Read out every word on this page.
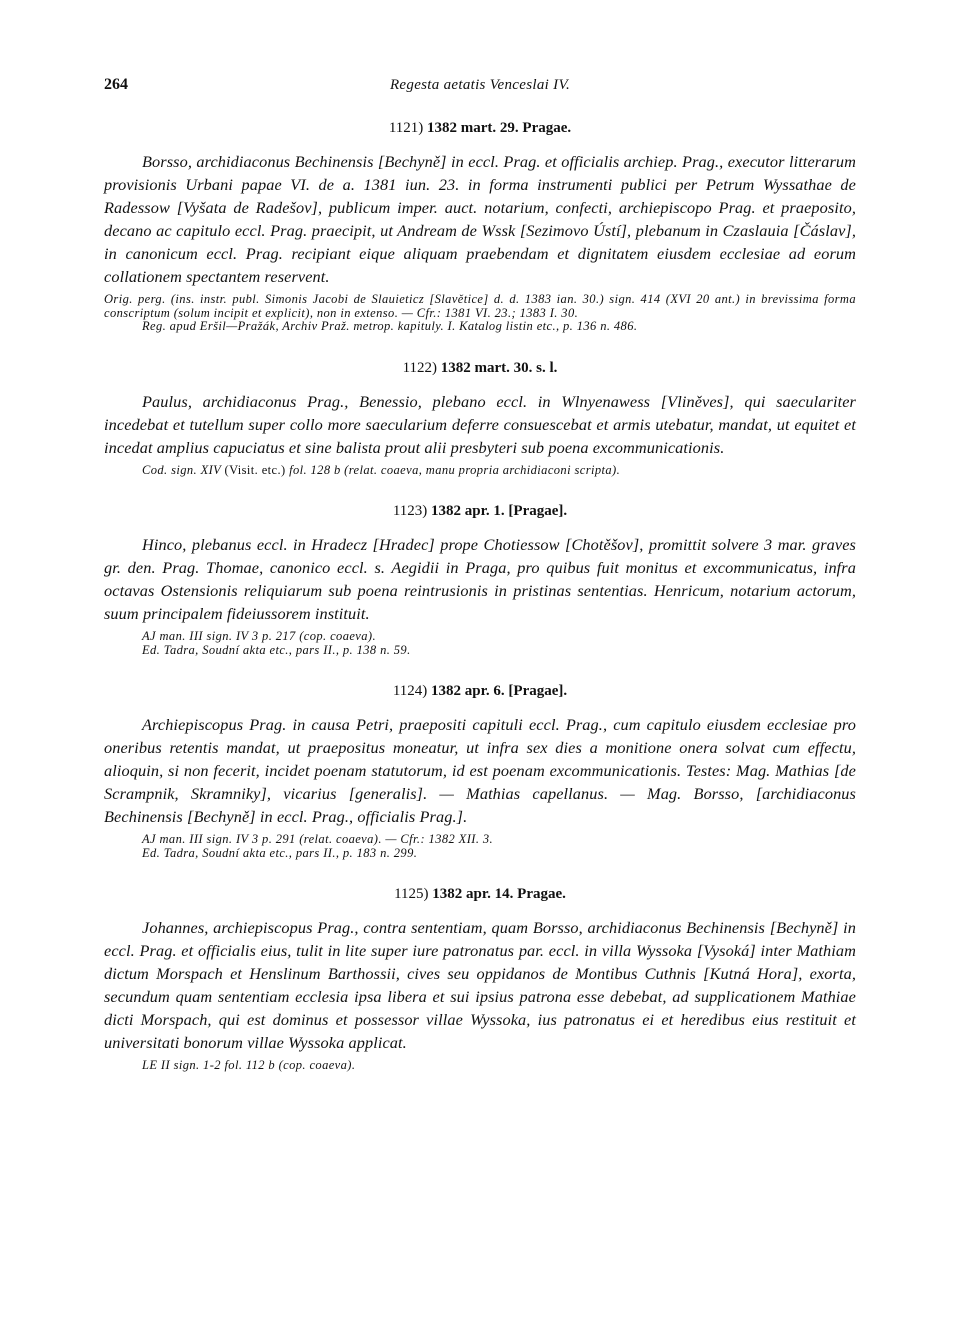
264	Regesta aetatis Venceslai IV.
1121) 1382 mart. 29. Pragae.

Borsso, archidiaconus Bechinensis [Bechyně] in eccl. Prag. et officialis archiep. Prag., executor litterarum provisionis Urbani papae VI. de a. 1381 iun. 23. in forma instrumenti publici per Petrum Wyssathae de Radessow [Vyšata de Radešov], publicum imper. auct. notarium, confecti, archiepiscopo Prag. et praeposito, decano ac capitulo eccl. Prag. praecipit, ut Andream de Wssk [Sezimovo Ústí], plebanum in Czaslauia [Čáslav], in canonicum eccl. Prag. recipiant eique aliquam praebendam et dignitatem eiusdem ecclesiae ad eorum collationem spectantem reservent.

Orig. perg. (ins. instr. publ. Simonis Jacobi de Slauieticz [Slavětice] d. d. 1383 ian. 30.) sign. 414 (XVI 20 ant.) in brevissima forma conscriptum (solum incipit et explicit), non in extenso. — Cfr.: 1381 VI. 23.; 1383 I. 30.

Reg. apud Eršil—Pražák, Archiv Praž. metrop. kapituly. I. Katalog listin etc., p. 136 n. 486.

1122) 1382 mart. 30. s. l.

Paulus, archidiaconus Prag., Benessio, plebano eccl. in Wlnyenawess [Vliněves], qui saeculariter incedebat et tutellum super collo more saecularium deferre consuescebat et armis utebatur, mandat, ut equitet et incedat amplius capuciatus et sine balista prout alii presbyteri sub poena excommunicationis.

Cod. sign. XIV (Visit. etc.) fol. 128 b (relat. coaeva, manu propria archidiaconi scripta).

1123) 1382 apr. 1. [Pragae].

Hinco, plebanus eccl. in Hradecz [Hradec] prope Chotiessow [Chotěšov], promittit solvere 3 mar. graves gr. den. Prag. Thomae, canonico eccl. s. Aegidii in Praga, pro quibus fuit monitus et excommunicatus, infra octavas Ostensionis reliquiarum sub poena reintrusionis in pristinas sententias. Henricum, notarium actorum, suum principalem fideiussorem instituit.

AJ man. III sign. IV 3 p. 217 (cop. coaeva).

Ed. Tadra, Soudní akta etc., pars II., p. 138 n. 59.

1124) 1382 apr. 6. [Pragae].

Archiepiscopus Prag. in causa Petri, praepositi capituli eccl. Prag., cum capitulo eiusdem ecclesiae pro oneribus retentis mandat, ut praepositus moneatur, ut infra sex dies a monitione onera solvat cum effectu, alioquin, si non fecerit, incidet poenam statutorum, id est poenam excommunicationis. Testes: Mag. Mathias [de Scrampnik, Skramniky], vicarius [generalis]. — Mathias capellanus. — Mag. Borsso, [archidiaconus Bechinensis [Bechyně] in eccl. Prag., officialis Prag.].

AJ man. III sign. IV 3 p. 291 (relat. coaeva). — Cfr.: 1382 XII. 3.

Ed. Tadra, Soudní akta etc., pars II., p. 183 n. 299.

1125) 1382 apr. 14. Pragae.

Johannes, archiepiscopus Prag., contra sententiam, quam Borsso, archidiaconus Bechinensis [Bechyně] in eccl. Prag. et officialis eius, tulit in lite super iure patronatus par. eccl. in villa Wyssoka [Vysoká] inter Mathiam dictum Morspach et Henslinum Barthossii, cives seu oppidanos de Montibus Cuthnis [Kutná Hora], exorta, secundum quam sententiam ecclesia ipsa libera et sui ipsius patrona esse debebat, ad supplicationem Mathiae dicti Morspach, qui est dominus et possessor villae Wyssoka, ius patronatus ei et heredibus eius restituit et universitati bonorum villae Wyssoka applicat.

LE II sign. 1-2 fol. 112 b (cop. coaeva).
